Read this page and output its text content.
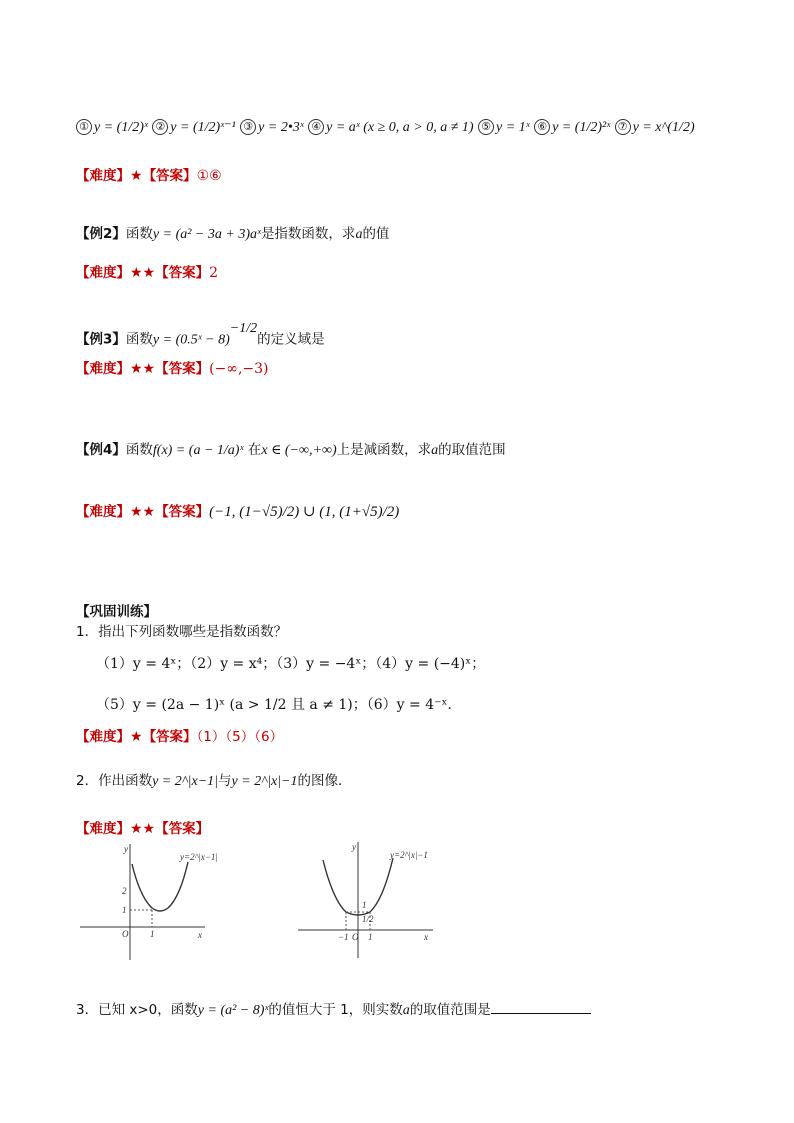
① y = (1/2)ˣ ② y = (1/2)ˣ⁻¹ ③ y = 2•3ˣ ④ y = aˣ (x ≥ 0, a > 0, a ≠ 1) ⑤ y = 1ˣ ⑥ y = (1/2)²ˣ ⑦ y = x^(1/2)
【难度】★【答案】①⑥
【例2】函数y = (a² − 3a + 3)aˣ是指数函数，求a的值
【难度】★★【答案】2
【例3】函数y = (0.5ˣ − 8)$^{-1/2}$的定义域是
【难度】★★【答案】(−∞,−3)
【例4】函数f(x) = (a − 1/a)ˣ 在x ∈ (−∞,+∞)上是减函数，求a的取值范围
【难度】★★【答案】(−1, (1−√5)/2) ∪ (1, (1+√5)/2)
【巩固训练】
1．指出下列函数哪些是指数函数？
（1）y = 4ˣ；（2）y = x⁴；（3）y = −4ˣ；（4）y = (−4)ˣ；
（5）y = (2a − 1)ˣ (a > 1/2 且 a ≠ 1)；（6）y = 4⁻ˣ．
【难度】★【答案】（1）（5）（6）
2．作出函数y = 2^|x−1|与y = 2^|x|−1的图像．
【难度】★★【答案】
y
x
y=2^|x−1|
2
1
O 1
y
x
y=2^|x|−1
1
1/2
−1 O 1
3．已知 x>0，函数y = (a² − 8)ˣ的值恒大于 1，则实数a的取值范围是
